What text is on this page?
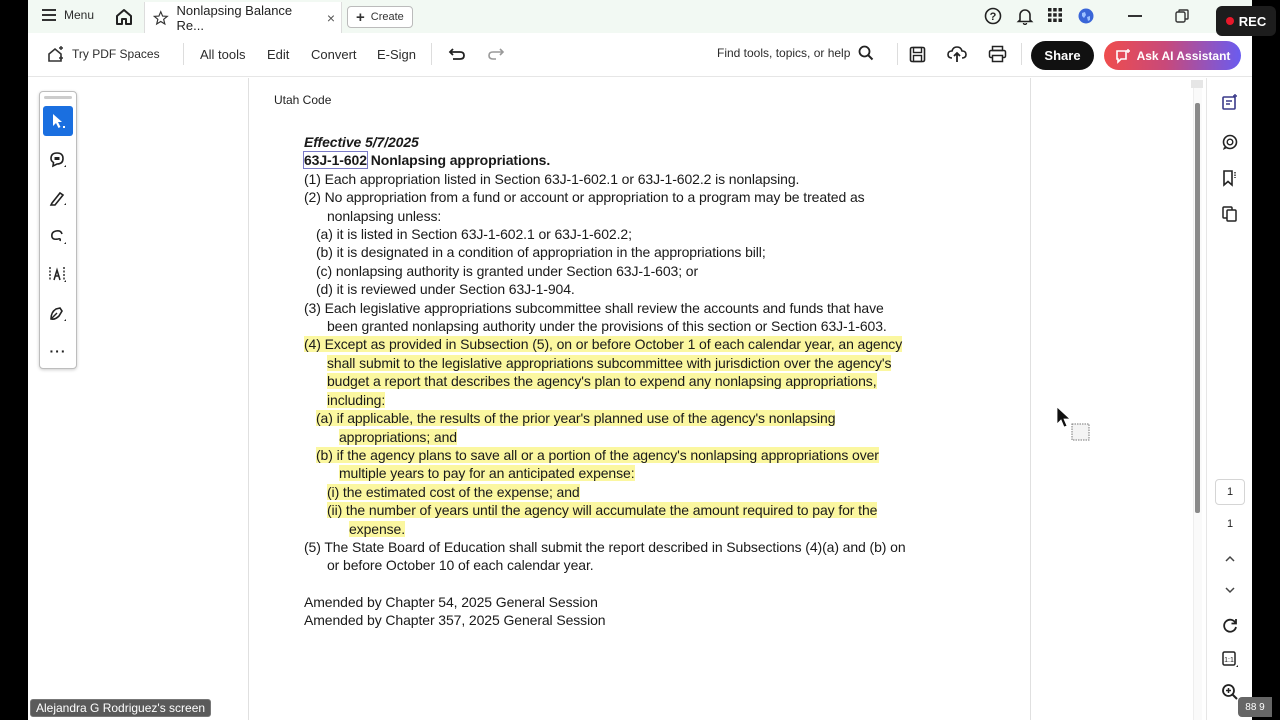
Menu	Nonlapsing Balance Re...	× + Create	?
Try PDF Spaces	All tools Edit Convert E-Sign	Find tools, topics, or help	Share	Ask AI Assistant
···
Utah Code
Effective 5/7/2025
63J-1-602 Nonlapsing appropriations.
(1) Each appropriation listed in Section 63J-1-602.1 or 63J-1-602.2 is nonlapsing.
(2) No appropriation from a fund or account or appropriation to a program may be treated as
nonlapsing unless:
(a) it is listed in Section 63J-1-602.1 or 63J-1-602.2;
(b) it is designated in a condition of appropriation in the appropriations bill;
(c) nonlapsing authority is granted under Section 63J-1-603; or
(d) it is reviewed under Section 63J-1-904.
(3) Each legislative appropriations subcommittee shall review the accounts and funds that have
been granted nonlapsing authority under the provisions of this section or Section 63J-1-603.
(4) Except as provided in Subsection (5), on or before October 1 of each calendar year, an agency
shall submit to the legislative appropriations subcommittee with jurisdiction over the agency's
budget a report that describes the agency's plan to expend any nonlapsing appropriations,
including:
(a) if applicable, the results of the prior year's planned use of the agency's nonlapsing
appropriations; and
(b) if the agency plans to save all or a portion of the agency's nonlapsing appropriations over
multiple years to pay for an anticipated expense:
(i) the estimated cost of the expense; and
(ii) the number of years until the agency will accumulate the amount required to pay for the
expense.
(5) The State Board of Education shall submit the report described in Subsections (4)(a) and (b) on
or before October 10 of each calendar year.
Amended by Chapter 54, 2025 General Session
Amended by Chapter 357, 2025 General Session
1
1
1:1
REC
Alejandra G Rodriguez's screen	88 9
